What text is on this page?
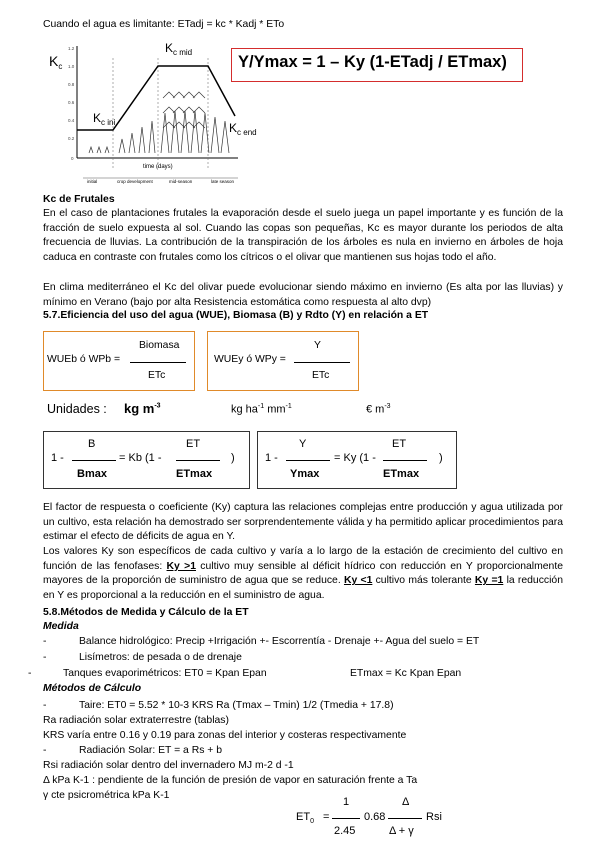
Cuando el agua es limitante: ETadj = kc * Kadj * ETo
1.2
1.0
0.8
0.6
0.4
0.2
0
$K_c$
$K_{c mid}$
$K_{c ini}$	$K_{c end}$
time (days)
initial	crop development	mid-season	late season
Y/Ymax = 1 – Ky (1-ETadj / ETmax)
Kc de Frutales
En el caso de plantaciones frutales la evaporación desde el suelo juega un papel importante y es función de la fracción de suelo expuesta al sol. Cuando las copas son pequeñas, Kc es mayor durante los periodos de alta frecuencia de lluvias. La contribución de la transpiración de los árboles es nula en invierno en árboles de hoja caduca en contraste con frutales como los cítricos o el olivar que mantienen sus hojas todo el año.
En clima mediterráneo el Kc del olivar puede evolucionar siendo máximo en invierno (Es alta por las lluvias) y mínimo en Verano (bajo por alta Resistencia estomática como respuesta al alto dvp)
5.7.Eficiencia del uso del agua (WUE), Biomasa (B) y Rdto (Y) en relación a ET
WUEb ó WPb =
Biomasa
ETc
WUEy ó WPy =
Y
ETc
Unidades : kg $m^{-3}$	kg $ha^{-1}$ $mm^{-1}$	€ $m^{-3}$
1 -
B
Bmax
= Kb (1 -
ET
ETmax
)	1 -
Y
Ymax
= Ky (1 -
ET
ETmax
)
El factor de respuesta o coeficiente (Ky) captura las relaciones complejas entre producción y agua utilizada por un cultivo, esta relación ha demostrado ser sorprendentemente válida y ha permitido aplicar procedimientos para estimar el efecto de déficits de agua en Y.
Los valores Ky son específicos de cada cultivo y varía a lo largo de la estación de crecimiento del cultivo en función de las fenofases: Ky >1 cultivo muy sensible al déficit hídrico con reducción en Y proporcionalmente mayores de la proporción de suministro de agua que se reduce. Ky <1 cultivo más tolerante Ky =1 la reducción en Y es proporcional a la reducción en el suministro de agua.
5.8.Métodos de Medida y Cálculo de la ET
Medida
-	Balance hidrológico: Precip +Irrigación +- Escorrentía - Drenaje +- Agua del suelo = ET
-	Lisímetros: de pesada o de drenaje
-	Tanques evaporimétricos: ET0 = Kpan Epan	ETmax = Kc Kpan Epan
Métodos de Cálculo
-	Taire: ET0 = 5.52 * 10-3 KRS Ra (Tmax – Tmin) 1/2 (Tmedia + 17.8)
Ra radiación solar extraterrestre (tablas)
KRS varía entre 0.16 y 0.19 para zonas del interior y costeras respectivamente
-	Radiación Solar: ET = a Rs + b
Rsi radiación solar dentro del invernadero MJ m-2 d -1
Δ kPa K-1 : pendiente de la función de presión de vapor en saturación frente a Ta
γ cte psicrométrica kPa K-1
$ET_0$ =
1
2.45
0.68
Δ
Δ + γ
Rsi
